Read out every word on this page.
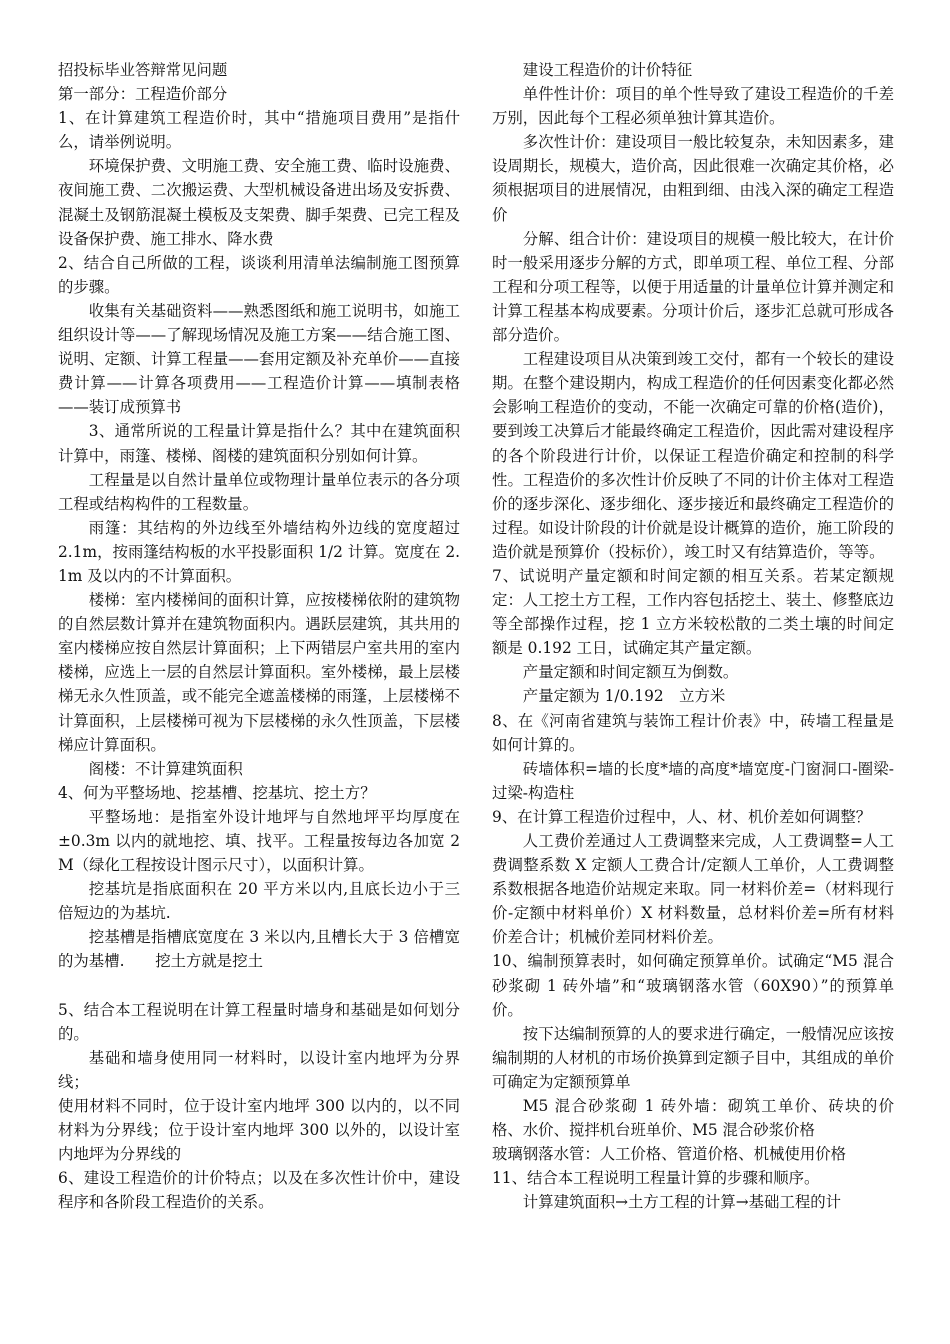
招投标毕业答辩常见问题

第一部分：工程造价部分

1、在计算建筑工程造价时，其中“措施项目费用”是指什么，请举例说明。

环境保护费、文明施工费、安全施工费、临时设施费、夜间施工费、二次搬运费、大型机械设备进出场及安拆费、混凝土及钢筋混凝土模板及支架费、脚手架费、已完工程及设备保护费、施工排水、降水费

2、结合自己所做的工程，谈谈利用清单法编制施工图预算的步骤。

收集有关基础资料——熟悉图纸和施工说明书，如施工组织设计等——了解现场情况及施工方案——结合施工图、说明、定额、计算工程量——套用定额及补充单价——直接费计算——计算各项费用——工程造价计算——填制表格——装订成预算书

3、通常所说的工程量计算是指什么？其中在建筑面积计算中，雨篷、楼梯、阁楼的建筑面积分别如何计算。

工程量是以自然计量单位或物理计量单位表示的各分项工程或结构构件的工程数量。

雨篷：其结构的外边线至外墙结构外边线的宽度超过 2.1m，按雨篷结构板的水平投影面积 1/2 计算。宽度在 2.1m 及以内的不计算面积。

楼梯：室内楼梯间的面积计算，应按楼梯依附的建筑物的自然层数计算并在建筑物面积内。遇跃层建筑，其共用的室内楼梯应按自然层计算面积；上下两错层户室共用的室内楼梯，应选上一层的自然层计算面积。室外楼梯，最上层楼梯无永久性顶盖，或不能完全遮盖楼梯的雨篷，上层楼梯不计算面积，上层楼梯可视为下层楼梯的永久性顶盖，下层楼梯应计算面积。

阁楼：不计算建筑面积

4、何为平整场地、挖基槽、挖基坑、挖土方？

平整场地：是指室外设计地坪与自然地坪平均厚度在±0.3m 以内的就地挖、填、找平。工程量按每边各加宽 2M（绿化工程按设计图示尺寸），以面积计算。

挖基坑是指底面积在 20 平方米以内,且底长边小于三倍短边的为基坑.

挖基槽是指槽底宽度在 3 米以内,且槽长大于 3 倍槽宽的为基槽.　　挖土方就是挖土

5、结合本工程说明在计算工程量时墙身和基础是如何划分的。

基础和墙身使用同一材料时，以设计室内地坪为分界线；

使用材料不同时，位于设计室内地坪 300 以内的，以不同材料为分界线；位于设计室内地坪 300 以外的，以设计室内地坪为分界线的

6、建设工程造价的计价特点；以及在多次性计价中，建设程序和各阶段工程造价的关系。

建设工程造价的计价特征

单件性计价：项目的单个性导致了建设工程造价的千差万别，因此每个工程必须单独计算其造价。

多次性计价：建设项目一般比较复杂，未知因素多，建设周期长，规模大，造价高，因此很难一次确定其价格，必须根据项目的进展情况，由粗到细、由浅入深的确定工程造价

分解、组合计价：建设项目的规模一般比较大，在计价时一般采用逐步分解的方式，即单项工程、单位工程、分部工程和分项工程等，以便于用适量的计量单位计算并测定和计算工程基本构成要素。分项计价后，逐步汇总就可形成各部分造价。

工程建设项目从决策到竣工交付，都有一个较长的建设期。在整个建设期内，构成工程造价的任何因素变化都必然会影响工程造价的变动，不能一次确定可靠的价格(造价)，要到竣工决算后才能最终确定工程造价，因此需对建设程序的各个阶段进行计价，以保证工程造价确定和控制的科学性。工程造价的多次性计价反映了不同的计价主体对工程造价的逐步深化、逐步细化、逐步接近和最终确定工程造价的过程。如设计阶段的计价就是设计概算的造价，施工阶段的造价就是预算价（投标价），竣工时又有结算造价，等等。

7、试说明产量定额和时间定额的相互关系。若某定额规定：人工挖土方工程，工作内容包括挖土、装土、修整底边等全部操作过程，挖 1 立方米较松散的二类土壤的时间定额是 0.192 工日，试确定其产量定额。

产量定额和时间定额互为倒数。

产量定额为 1/0.192　立方米

8、在《河南省建筑与装饰工程计价表》中，砖墙工程量是如何计算的。

砖墙体积=墙的长度*墙的高度*墙宽度-门窗洞口-圈梁-过梁-构造柱

9、在计算工程造价过程中，人、材、机价差如何调整？

人工费价差通过人工费调整来完成，人工费调整=人工费调整系数 X 定额人工费合计/定额人工单价，人工费调整系数根据各地造价站规定来取。同一材料价差=（材料现行价-定额中材料单价）X 材料数量，总材料价差=所有材料价差合计；机械价差同材料价差。

10、编制预算表时，如何确定预算单价。试确定“M5 混合砂浆砌 1 砖外墙”和“玻璃钢落水管（60X90）”的预算单价。

按下达编制预算的人的要求进行确定，一般情况应该按编制期的人材机的市场价换算到定额子目中，其组成的单价可确定为定额预算单

M5 混合砂浆砌 1 砖外墙：砌筑工单价、砖块的价格、水价、搅拌机台班单价、M5 混合砂浆价格

玻璃钢落水管：人工价格、管道价格、机械使用价格

11、结合本工程说明工程量计算的步骤和顺序。

计算建筑面积→土方工程的计算→基础工程的计
